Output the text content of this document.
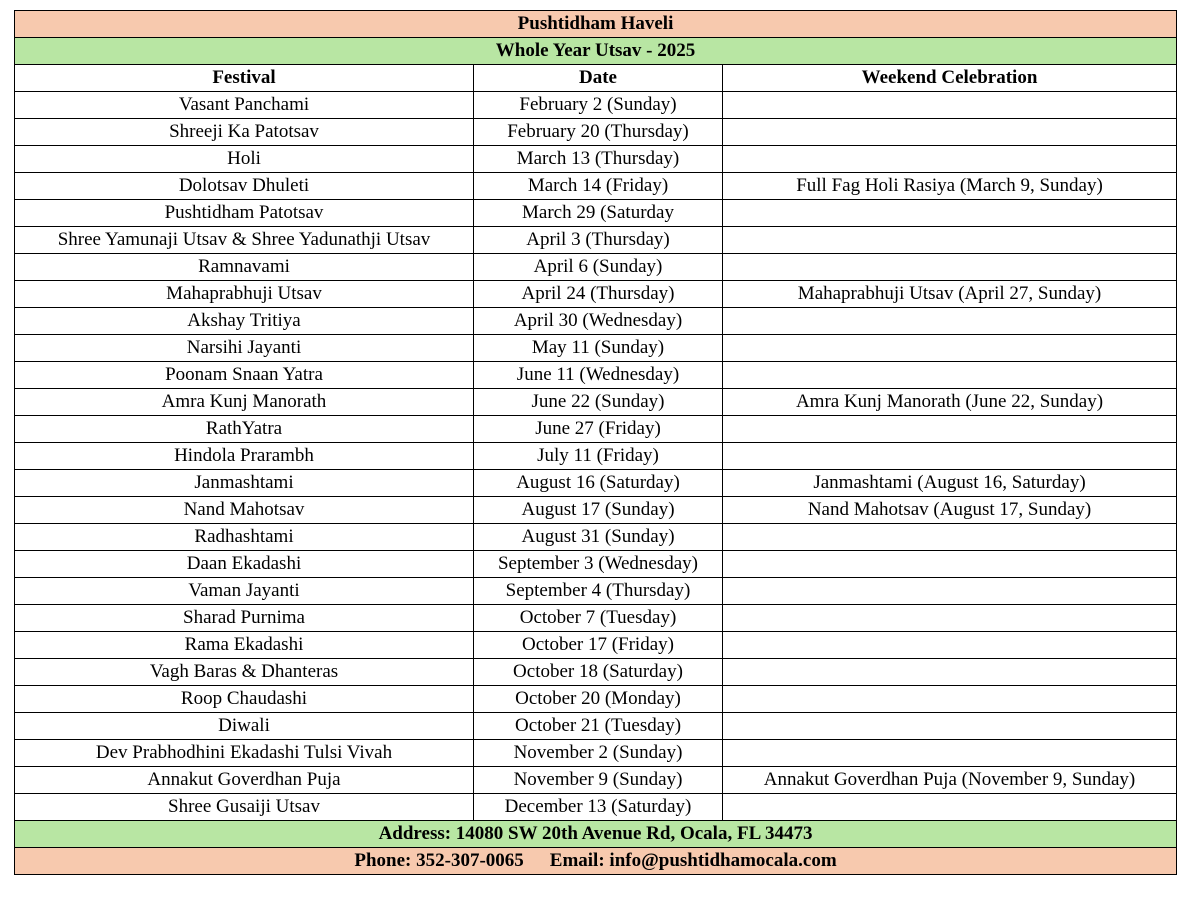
Pushtidham Haveli		
Whole Year Utsav - 2025		
Festival	Date	Weekend Celebration
Vasant Panchami	February 2 (Sunday)	
Shreeji Ka Patotsav	February 20 (Thursday)	
Holi	March 13 (Thursday)	
Dolotsav Dhuleti	March 14 (Friday)	Full Fag Holi Rasiya (March 9, Sunday)
Pushtidham Patotsav	March 29 (Saturday	
Shree Yamunaji Utsav & Shree Yadunathji Utsav	April 3 (Thursday)	
Ramnavami	April 6 (Sunday)	
Mahaprabhuji Utsav	April 24 (Thursday)	Mahaprabhuji Utsav (April 27, Sunday)
Akshay Tritiya	April 30 (Wednesday)	
Narsihi Jayanti	May 11 (Sunday)	
Poonam Snaan Yatra	June 11 (Wednesday)	
Amra Kunj Manorath	June 22 (Sunday)	Amra Kunj Manorath (June 22, Sunday)
RathYatra	June 27 (Friday)	
Hindola Prarambh	July 11 (Friday)	
Janmashtami	August 16 (Saturday)	Janmashtami (August 16, Saturday)
Nand Mahotsav	August 17 (Sunday)	Nand Mahotsav (August 17, Sunday)
Radhashtami	August 31 (Sunday)	
Daan Ekadashi	September 3 (Wednesday)	
Vaman Jayanti	September 4 (Thursday)	
Sharad Purnima	October 7 (Tuesday)	
Rama Ekadashi	October 17 (Friday)	
Vagh Baras & Dhanteras	October 18 (Saturday)	
Roop Chaudashi	October 20 (Monday)	
Diwali	October 21 (Tuesday)	
Dev Prabhodhini Ekadashi Tulsi Vivah	November 2 (Sunday)	
Annakut Goverdhan Puja	November 9 (Sunday)	Annakut Goverdhan Puja (November 9, Sunday)
Shree Gusaiji Utsav	December 13 (Saturday)	
Address: 14080 SW 20th Avenue Rd, Ocala, FL 34473		
Phone: 352-307-0065 Email: info@pushtidhamocala.com		
